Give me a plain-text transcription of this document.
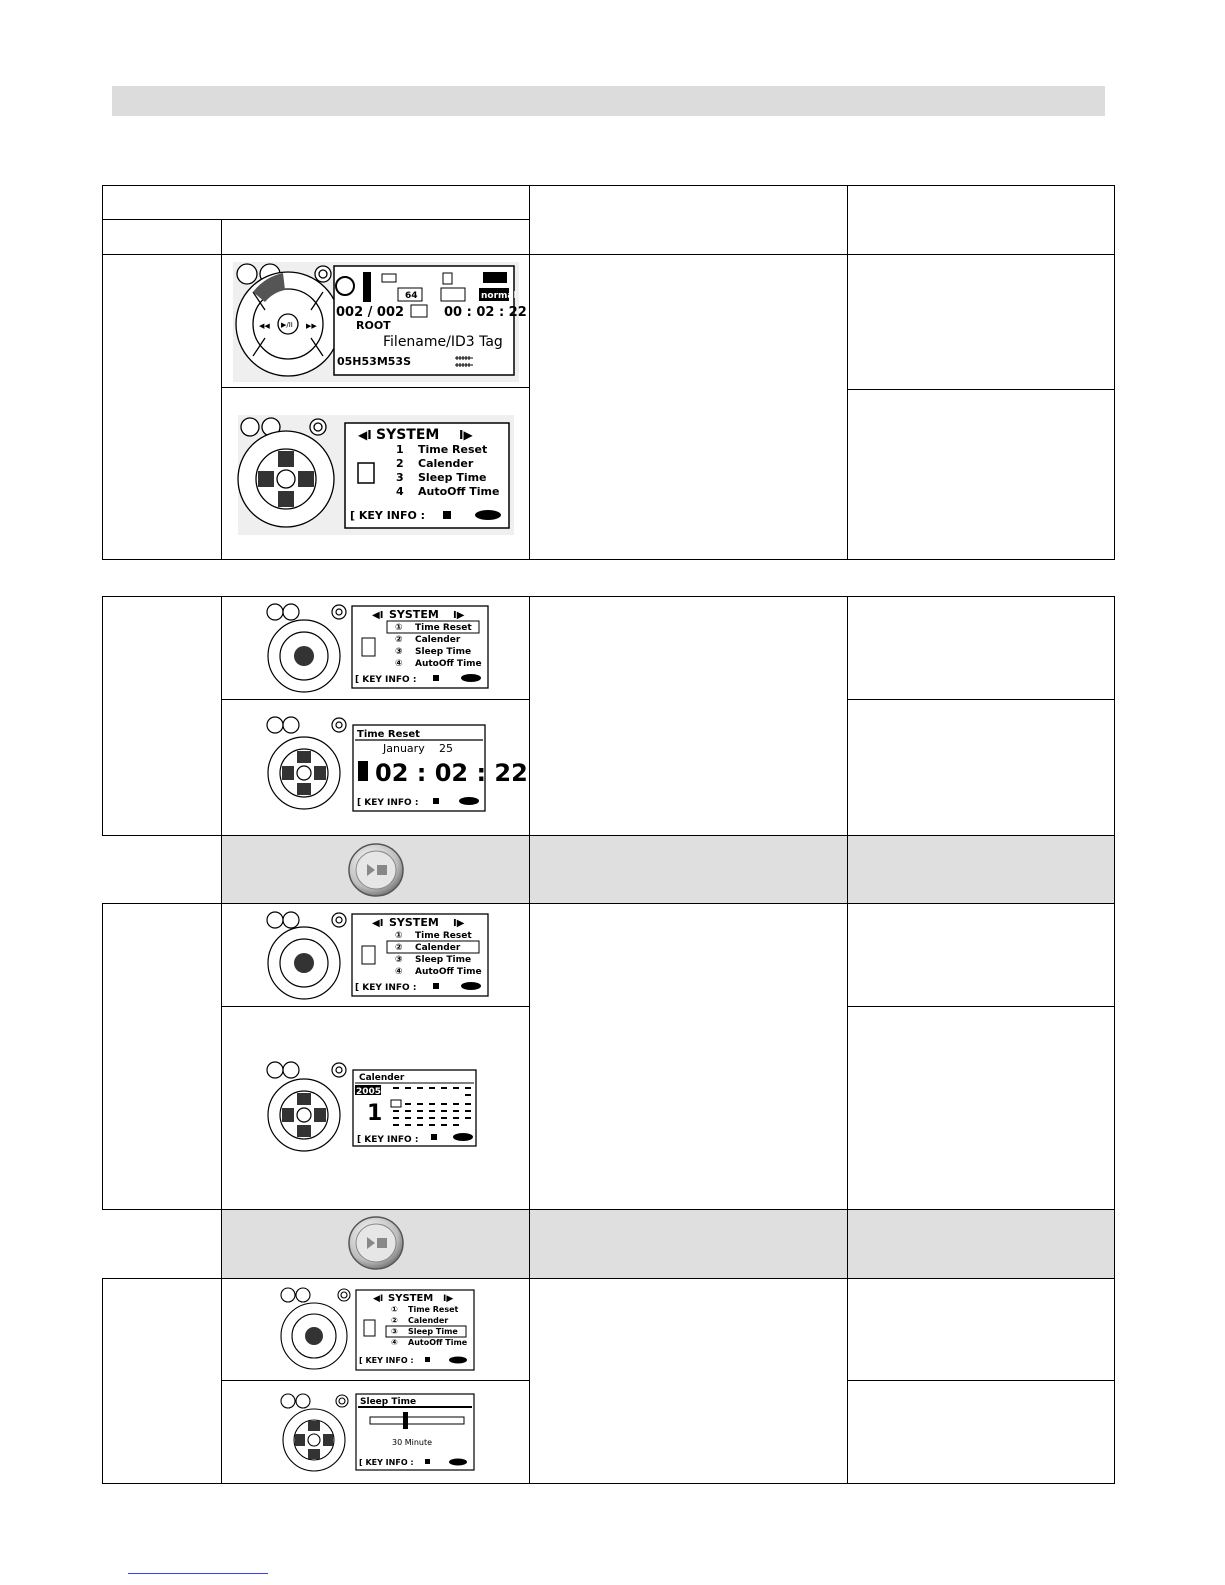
▶/II
◀◀	▶▶
64	normal
002 / 002	00 : 02 : 22
ROOT
Filename/ID3 Tag
05H53M53S
SYSTEM
◀I	I▶
1 Time Reset
2 Calender
3 Sleep Time
4 AutoOff Time
[ KEY INFO :
SYSTEM
◀I	I▶
① Time Reset
② Calender
③ Sleep Time
④ AutoOff Time
[ KEY INFO :
Time Reset
January 25
02 : 02 : 22
[ KEY INFO :
SYSTEM
◀I	I▶
① Time Reset
② Calender
③ Sleep Time
④ AutoOff Time
[ KEY INFO :
Calender
2005
1
[ KEY INFO :
SYSTEM
◀I	I▶
① Time Reset
② Calender
③ Sleep Time
④ AutoOff Time
[ KEY INFO :
Sleep Time
30 Minute
[ KEY INFO :
